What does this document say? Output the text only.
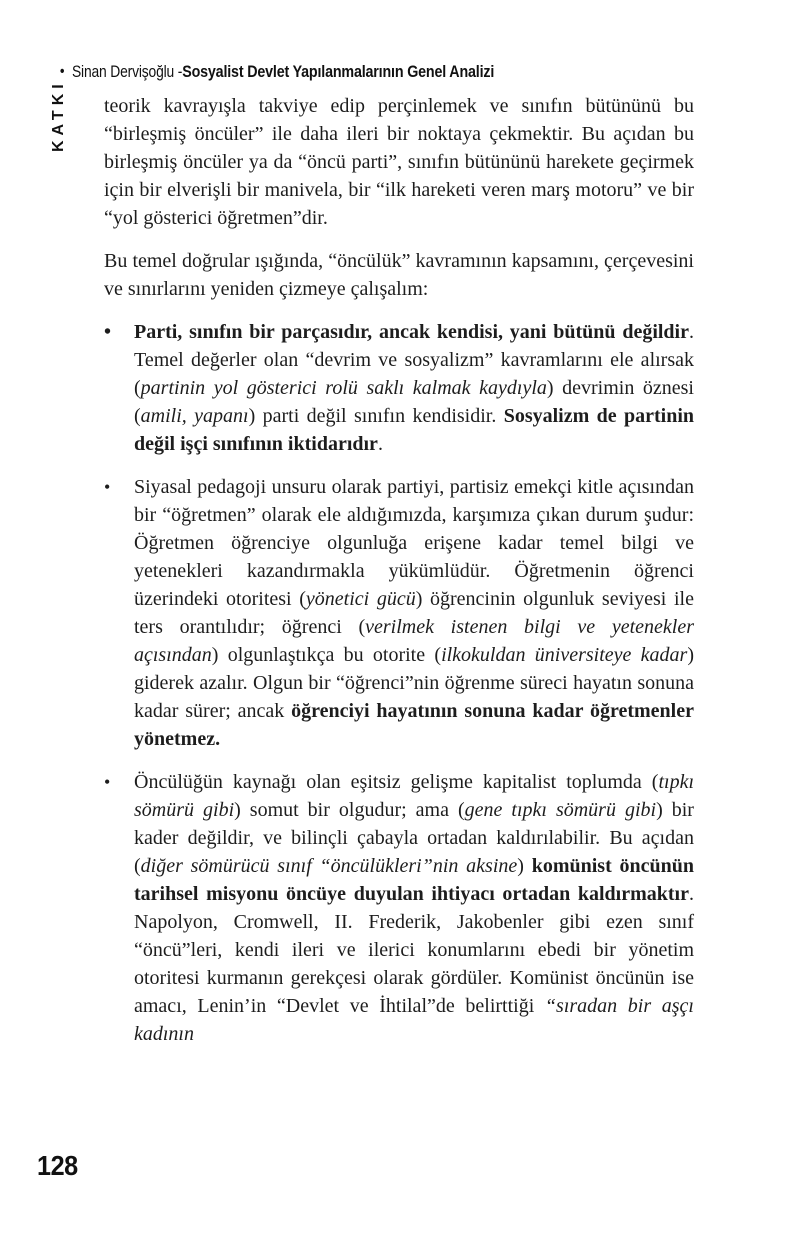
• Sinan Dervişoğlu - Sosyalist Devlet Yapılanmalarının Genel Analizi
KATKI teorik kavrayışla takviye edip perçinlemek ve sınıfın bütününü bu “birleşmiş öncüler” ile daha ileri bir noktaya çekmektir. Bu açıdan bu birleşmiş öncüler ya da “öncü parti”, sınıfın bütününü harekete geçirmek için bir elverişli bir manivela, bir “ilk hareketi veren marş motoru” ve bir “yol gösterici öğretmen”dir.
Bu temel doğrular ışığında, “öncülük” kavramının kapsamını, çerçevesini ve sınırlarını yeniden çizmeye çalışalım:
•	Parti, sınıfın bir parçasıdır, ancak kendisi, yani bütünü değildir. Temel değerler olan “devrim ve sosyalizm” kavramlarını ele alırsak (partinin yol gösterici rolü saklı kalmak kaydıyla) devrimin öznesi (amili, yapanı) parti değil sınıfın kendisidir. Sosyalizm de partinin değil işçi sınıfının iktidarıdır.
•	Siyasal pedagoji unsuru olarak partiyi, partisiz emekçi kitle açısından bir “öğretmen” olarak ele aldığımızda, karşımıza çıkan durum şudur: Öğretmen öğrenciye olgunluğa erişene kadar temel bilgi ve yetenekleri kazandırmakla yükümlüdür. Öğretmenin öğrenci üzerindeki otoritesi (yönetici gücü) öğrencinin olgunluk seviyesi ile ters orantılıdır; öğrenci (verilmek istenen bilgi ve yetenekler açısından) olgunlaştıkça bu otorite (ilkokuldan üniversiteye kadar) giderek azalır. Olgun bir “öğrenci”nin öğrenme süreci hayatın sonuna kadar sürer; ancak öğrenciyi hayatının sonuna kadar öğretmenler yönetmez.
•	Öncülüğün kaynağı olan eşitsiz gelişme kapitalist toplumda (tıpkı sömürü gibi) somut bir olgudur; ama (gene tıpkı sömürü gibi) bir kader değildir, ve bilinçli çabayla ortadan kaldırılabilir. Bu açıdan (diğer sömürücü sınıf “öncülükleri”nin aksine) komünist öncünün tarihsel misyonu öncüye duyulan ihtiyacı ortadan kaldırmaktır. Napolyon, Cromwell, II. Frederik, Jakobenler gibi ezen sınıf “öncü”leri, kendi ileri ve ilerici konumlarını ebedi bir yönetim otoritesi kurmanın gerekçesi olarak gördüler. Komünist öncünün ise amacı, Lenin’in “Devlet ve İhtilal”de belirttiği “sıradan bir aşçı kadının
128
